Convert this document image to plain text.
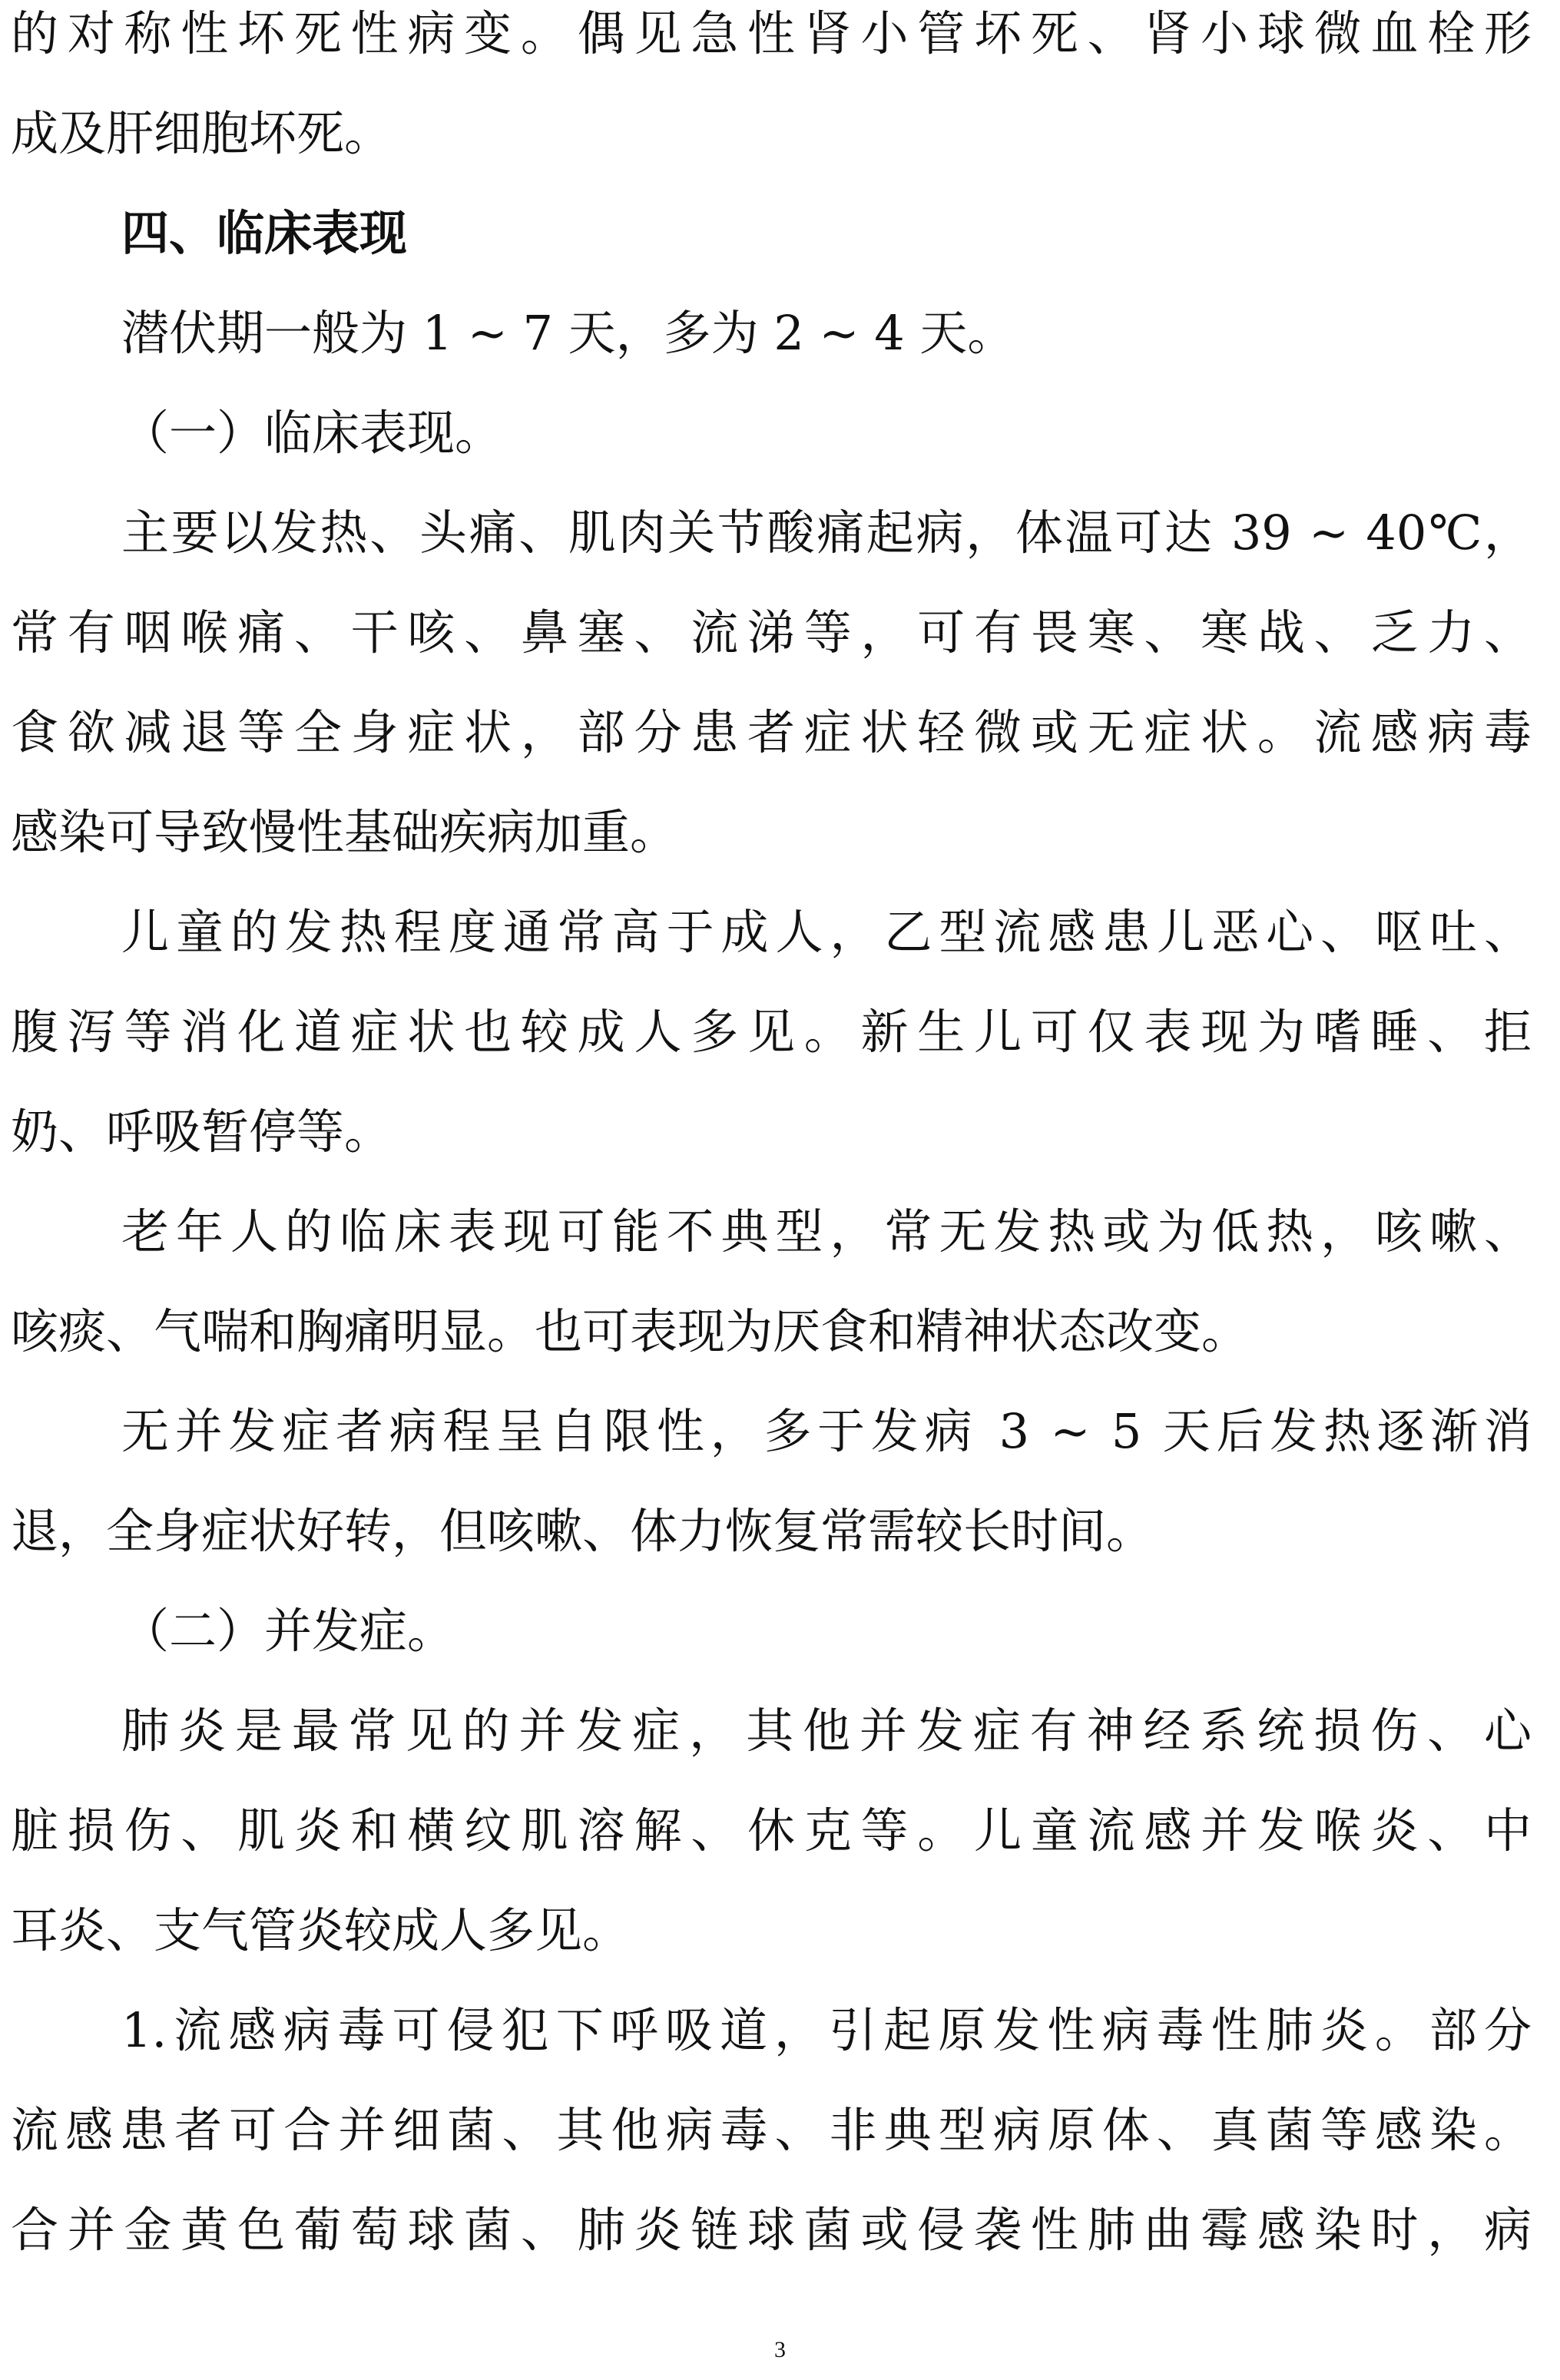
的对称性坏死性病变。偶见急性肾小管坏死、肾小球微血栓形
成及肝细胞坏死。
四、临床表现
潜伏期一般为 1 ~ 7 天，多为 2 ~ 4 天。
（一）临床表现。
主要以发热、头痛、肌肉关节酸痛起病，体温可达 39 ~ 40℃，
常有咽喉痛、干咳、鼻塞、流涕等，可有畏寒、寒战、乏力、
食欲减退等全身症状，部分患者症状轻微或无症状。流感病毒
感染可导致慢性基础疾病加重。
儿童的发热程度通常高于成人，乙型流感患儿恶心、呕吐、
腹泻等消化道症状也较成人多见。新生儿可仅表现为嗜睡、拒
奶、呼吸暂停等。
老年人的临床表现可能不典型，常无发热或为低热，咳嗽、
咳痰、气喘和胸痛明显。也可表现为厌食和精神状态改变。
无并发症者病程呈自限性，多于发病 3 ~ 5 天后发热逐渐消
退，全身症状好转，但咳嗽、体力恢复常需较长时间。
（二）并发症。
肺炎是最常见的并发症，其他并发症有神经系统损伤、心
脏损伤、肌炎和横纹肌溶解、休克等。儿童流感并发喉炎、中
耳炎、支气管炎较成人多见。
1.流感病毒可侵犯下呼吸道，引起原发性病毒性肺炎。部分
流感患者可合并细菌、其他病毒、非典型病原体、真菌等感染。
合并金黄色葡萄球菌、肺炎链球菌或侵袭性肺曲霉感染时，病
3
